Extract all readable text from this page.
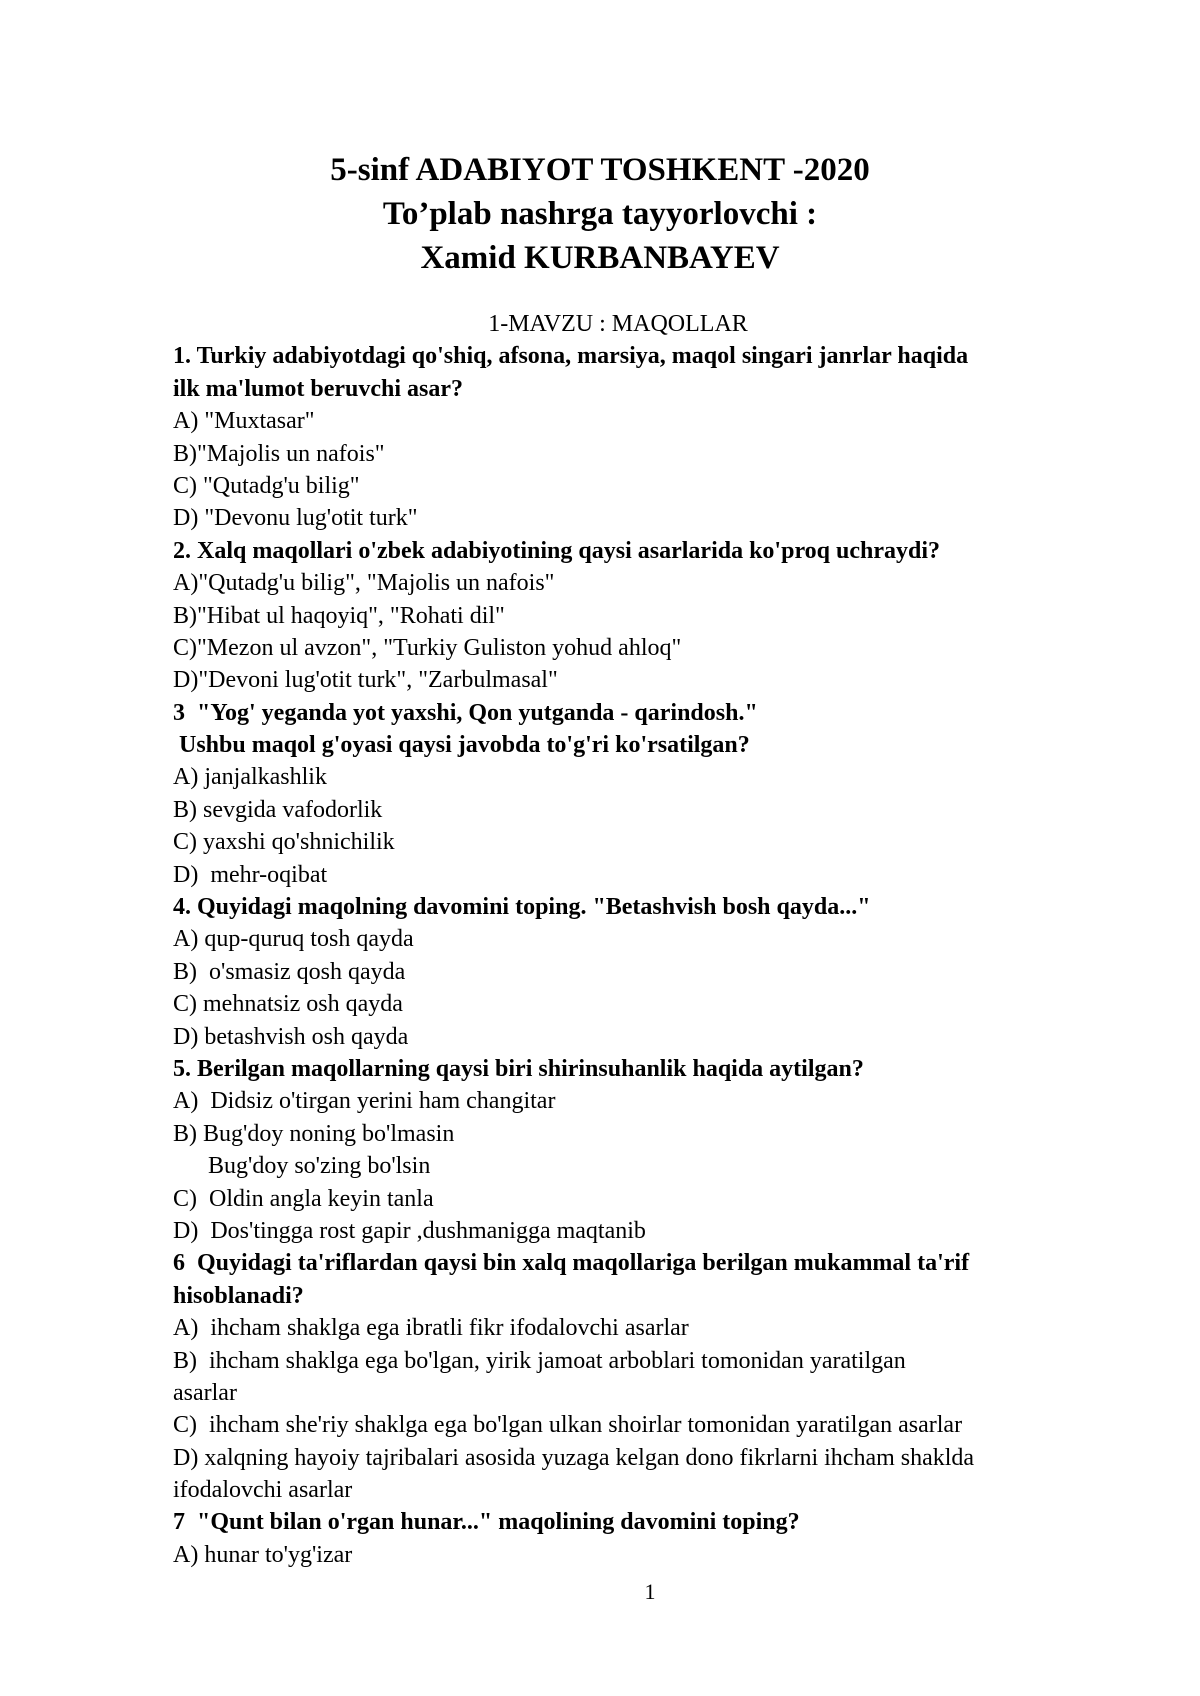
5-sinf ADABIYOT TOSHKENT -2020
To’plab nashrga tayyorlovchi :
Xamid KURBANBAYEV
1-MAVZU : MAQOLLAR
1. Turkiy adabiyotdagi qo'shiq, afsona, marsiya, maqol singari janrlar haqida
ilk ma'lumot beruvchi asar?
A) "Muxtasar"
B)"Majolis un nafois"
C) "Qutadg'u bilig"
D) "Devonu lug'otit turk"
2. Xalq maqollari o'zbek adabiyotining qaysi asarlarida ko'proq uchraydi?
A)"Qutadg'u bilig", "Majolis un nafois"
B)"Hibat ul haqoyiq", "Rohati dil"
C)"Mezon ul avzon", "Turkiy Guliston yohud ahloq"
D)"Devoni lug'otit turk", "Zarbulmasal"
3  "Yog' yeganda yot yaxshi, Qon yutganda - qarindosh."
Ushbu maqol g'oyasi qaysi javobda to'g'ri ko'rsatilgan?
A) janjalkashlik
B) sevgida vafodorlik
C) yaxshi qo'shnichilik
D)  mehr-oqibat
4. Quyidagi maqolning davomini toping. "Betashvish bosh qayda..."
A) qup-quruq tosh qayda
B)  o'smasiz qosh qayda
C) mehnatsiz osh qayda
D) betashvish osh qayda
5. Berilgan maqollarning qaysi biri shirinsuhanlik haqida aytilgan?
A)  Didsiz o'tirgan yerini ham changitar
B) Bug'doy noning bo'lmasin
Bug'doy so'zing bo'lsin
C)  Oldin angla keyin tanla
D)  Dos'tingga rost gapir ,dushmanigga maqtanib
6  Quyidagi ta'riflardan qaysi bin xalq maqollariga berilgan mukammal ta'rif
hisoblanadi?
A)  ihcham shaklga ega ibratli fikr ifodalovchi asarlar
B)  ihcham shaklga ega bo'lgan, yirik jamoat arboblari tomonidan yaratilgan
asarlar
C)  ihcham she'riy shaklga ega bo'lgan ulkan shoirlar tomonidan yaratilgan asarlar
D) xalqning hayoiy tajribalari asosida yuzaga kelgan dono fikrlarni ihcham shaklda
ifodalovchi asarlar
7  "Qunt bilan o'rgan hunar..." maqolining davomini toping?
A) hunar to'yg'izar
1
